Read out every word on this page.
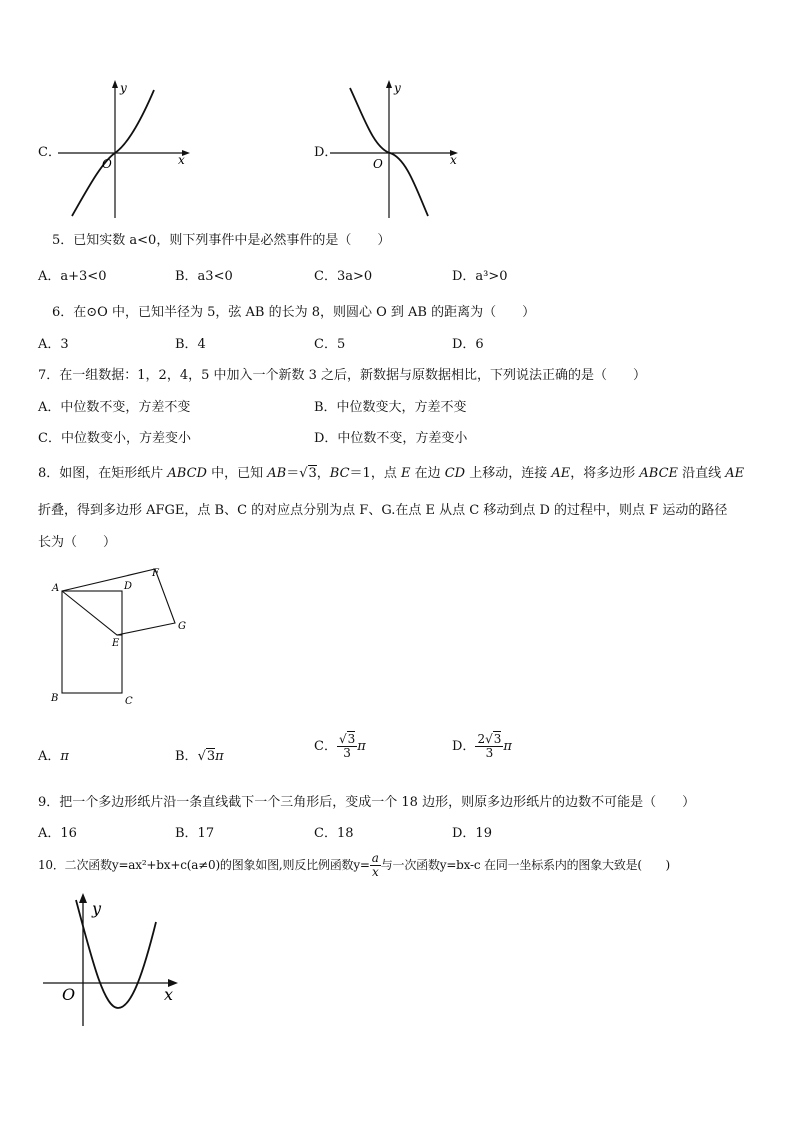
C．
y
x
O
D．
y
x
O
5．已知实数 a<0，则下列事件中是必然事件的是（　　）
A．a+3<0	B．a3<0	C．3a>0	D．a³>0
6．在⊙O 中，已知半径为 5，弦 AB 的长为 8，则圆心 O 到 AB 的距离为（　　）
A．3	B．4	C．5	D．6
7．在一组数据：1，2，4，5 中加入一个新数 3 之后，新数据与原数据相比，下列说法正确的是（　　）
A．中位数不变，方差不变	B．中位数变大，方差不变
C．中位数变小，方差变小	D．中位数不变，方差变小
8．如图，在矩形纸片 ABCD 中，已知 AB＝√3，BC＝1，点 E 在边 CD 上移动，连接 AE，将多边形 ABCE 沿直线 AE
折叠，得到多边形 AFGE，点 B、C 的对应点分别为点 F、G.在点 E 从点 C 移动到点 D 的过程中，则点 F 运动的路径
长为（　　）
A
B	C
D
E
F
G
A．π	B．√3π
C． $\frac{√3}{3}$ π	D． $\frac{2√3}{3}$ π
9．把一个多边形纸片沿一条直线截下一个三角形后，变成一个 18 边形，则原多边形纸片的边数不可能是（　　）
A．16	B．17	C．18	D．19
10．二次函数y=ax²+bx+c(a≠0)的图象如图,则反比例函数$y= \frac{a}{x}$ 与一次函数y=bx-c 在同一坐标系内的图象大致是(　　)
y
x
O
